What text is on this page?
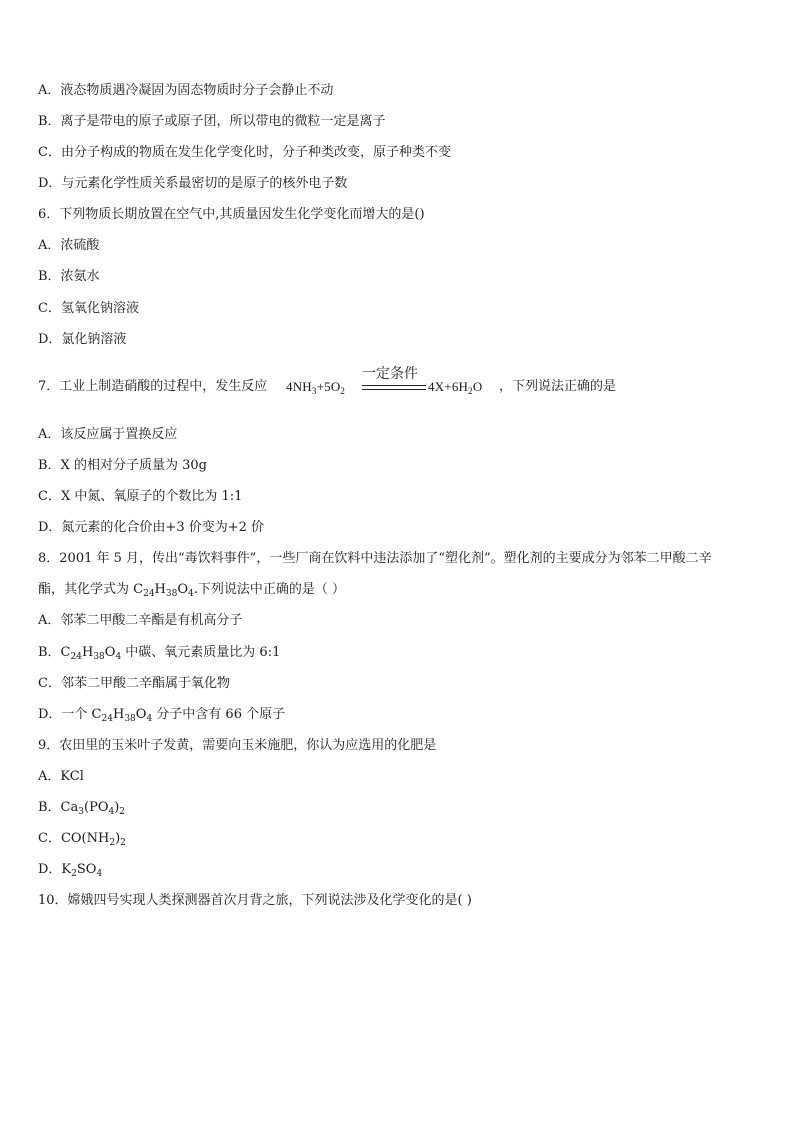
A．液态物质遇冷凝固为固态物质时分子会静止不动
B．离子是带电的原子或原子团，所以带电的微粒一定是离子
C．由分子构成的物质在发生化学变化时，分子种类改变，原子种类不变
D．与元素化学性质关系最密切的是原子的核外电子数
6．下列物质长期放置在空气中,其质量因发生化学变化而增大的是()
A．浓硫酸
B．浓氨水
C．氢氧化钠溶液
D．氯化钠溶液
7．工业上制造硝酸的过程中，发生反应 $4NH_3+5O_2$
一定条件
$4X+6H_2O$ ，下列说法正确的是
A．该反应属于置换反应
B．X 的相对分子质量为 30g
C．X 中氮、氧原子的个数比为 1:1
D．氮元素的化合价由+3 价变为+2 价
8．2001 年 5 月，传出“毒饮料事件”，一些厂商在饮料中违法添加了“塑化剂”。塑化剂的主要成分为邻苯二甲酸二辛
酯，其化学式为 $C_{24}H_{38}O_4$.下列说法中正确的是（ ）
A．邻苯二甲酸二辛酯是有机高分子
B．$C_{24}H_{38}O_4$ 中碳、氧元素质量比为 6:1
C．邻苯二甲酸二辛酯属于氧化物
D．一个 $C_{24}H_{38}O_4$ 分子中含有 66 个原子
9．农田里的玉米叶子发黄，需要向玉米施肥，你认为应选用的化肥是
A．KCl
B．$Ca_3(PO_4)_2$
C．$CO(NH_2)_2$
D．$K_2SO_4$
10．嫦娥四号实现人类探测器首次月背之旅，下列说法涉及化学变化的是( )
